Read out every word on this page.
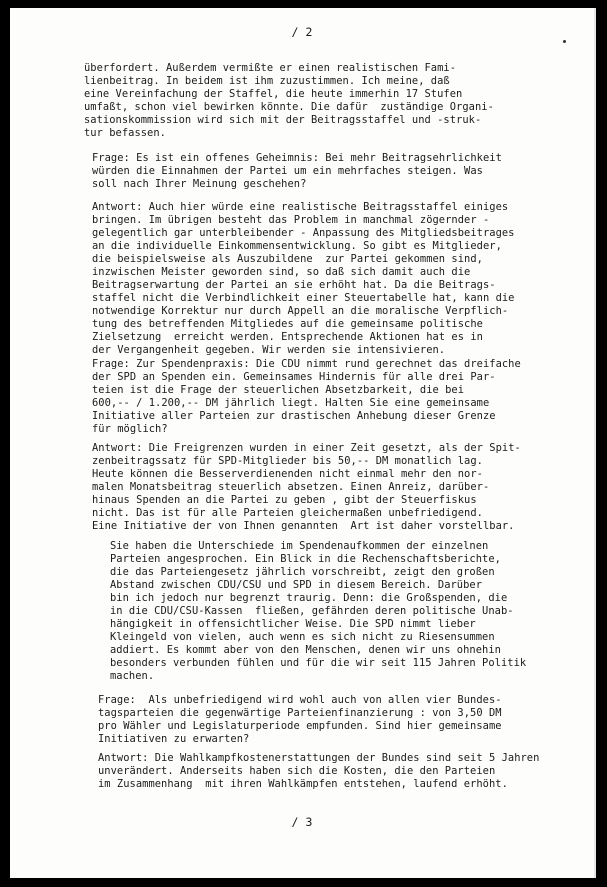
/ 2
überfordert. Außerdem vermißte er einen realistischen Fami-
lienbeitrag. In beidem ist ihm zuzustimmen. Ich meine, daß
eine Vereinfachung der Staffel, die heute immerhin 17 Stufen
umfaßt, schon viel bewirken könnte. Die dafür  zuständige Organi-
sationskommission wird sich mit der Beitragsstaffel und -struk-
tur befassen.
Frage: Es ist ein offenes Geheimnis: Bei mehr Beitragsehrlichkeit
würden die Einnahmen der Partei um ein mehrfaches steigen. Was
soll nach Ihrer Meinung geschehen?
Antwort: Auch hier würde eine realistische Beitragsstaffel einiges
bringen. Im übrigen besteht das Problem in manchmal zögernder -
gelegentlich gar unterbleibender - Anpassung des Mitgliedsbeitrages
an die individuelle Einkommensentwicklung. So gibt es Mitglieder,
die beispielsweise als Auszubildene  zur Partei gekommen sind,
inzwischen Meister geworden sind, so daß sich damit auch die
Beitragserwartung der Partei an sie erhöht hat. Da die Beitrags-
staffel nicht die Verbindlichkeit einer Steuertabelle hat, kann die
notwendige Korrektur nur durch Appell an die moralische Verpflich-
tung des betreffenden Mitgliedes auf die gemeinsame politische
Zielsetzung  erreicht werden. Entsprechende Aktionen hat es in
der Vergangenheit gegeben. Wir werden sie intensivieren.
Frage: Zur Spendenpraxis: Die CDU nimmt rund gerechnet das dreifache
der SPD an Spenden ein. Gemeinsames Hindernis für alle drei Par-
teien ist die Frage der steuerlichen Absetzbarkeit, die bei
600,-- / 1.200,-- DM jährlich liegt. Halten Sie eine gemeinsame
Initiative aller Parteien zur drastischen Anhebung dieser Grenze
für möglich?
Antwort: Die Freigrenzen wurden in einer Zeit gesetzt, als der Spit-
zenbeitragssatz für SPD-Mitglieder bis 50,-- DM monatlich lag.
Heute können die Besserverdienenden nicht einmal mehr den nor-
malen Monatsbeitrag steuerlich absetzen. Einen Anreiz, darüber-
hinaus Spenden an die Partei zu geben , gibt der Steuerfiskus
nicht. Das ist für alle Parteien gleichermaßen unbefriedigend.
Eine Initiative der von Ihnen genannten  Art ist daher vorstellbar.
Sie haben die Unterschiede im Spendenaufkommen der einzelnen
Parteien angesprochen. Ein Blick in die Rechenschaftsberichte,
die das Parteiengesetz jährlich vorschreibt, zeigt den großen
Abstand zwischen CDU/CSU und SPD in diesem Bereich. Darüber
bin ich jedoch nur begrenzt traurig. Denn: die Großspenden, die
in die CDU/CSU-Kassen  fließen, gefährden deren politische Unab-
hängigkeit in offensichtlicher Weise. Die SPD nimmt lieber
Kleingeld von vielen, auch wenn es sich nicht zu Riesensummen
addiert. Es kommt aber von den Menschen, denen wir uns ohnehin
besonders verbunden fühlen und für die wir seit 115 Jahren Politik
machen.
Frage:  Als unbefriedigend wird wohl auch von allen vier Bundes-
tagsparteien die gegenwärtige Parteienfinanzierung : von 3,50 DM
pro Wähler und Legislaturperiode empfunden. Sind hier gemeinsame
Initiativen zu erwarten?
Antwort: Die Wahlkampfkostenerstattungen der Bundes sind seit 5 Jahren
unverändert. Anderseits haben sich die Kosten, die den Parteien
im Zusammenhang  mit ihren Wahlkämpfen entstehen, laufend erhöht.
/ 3
